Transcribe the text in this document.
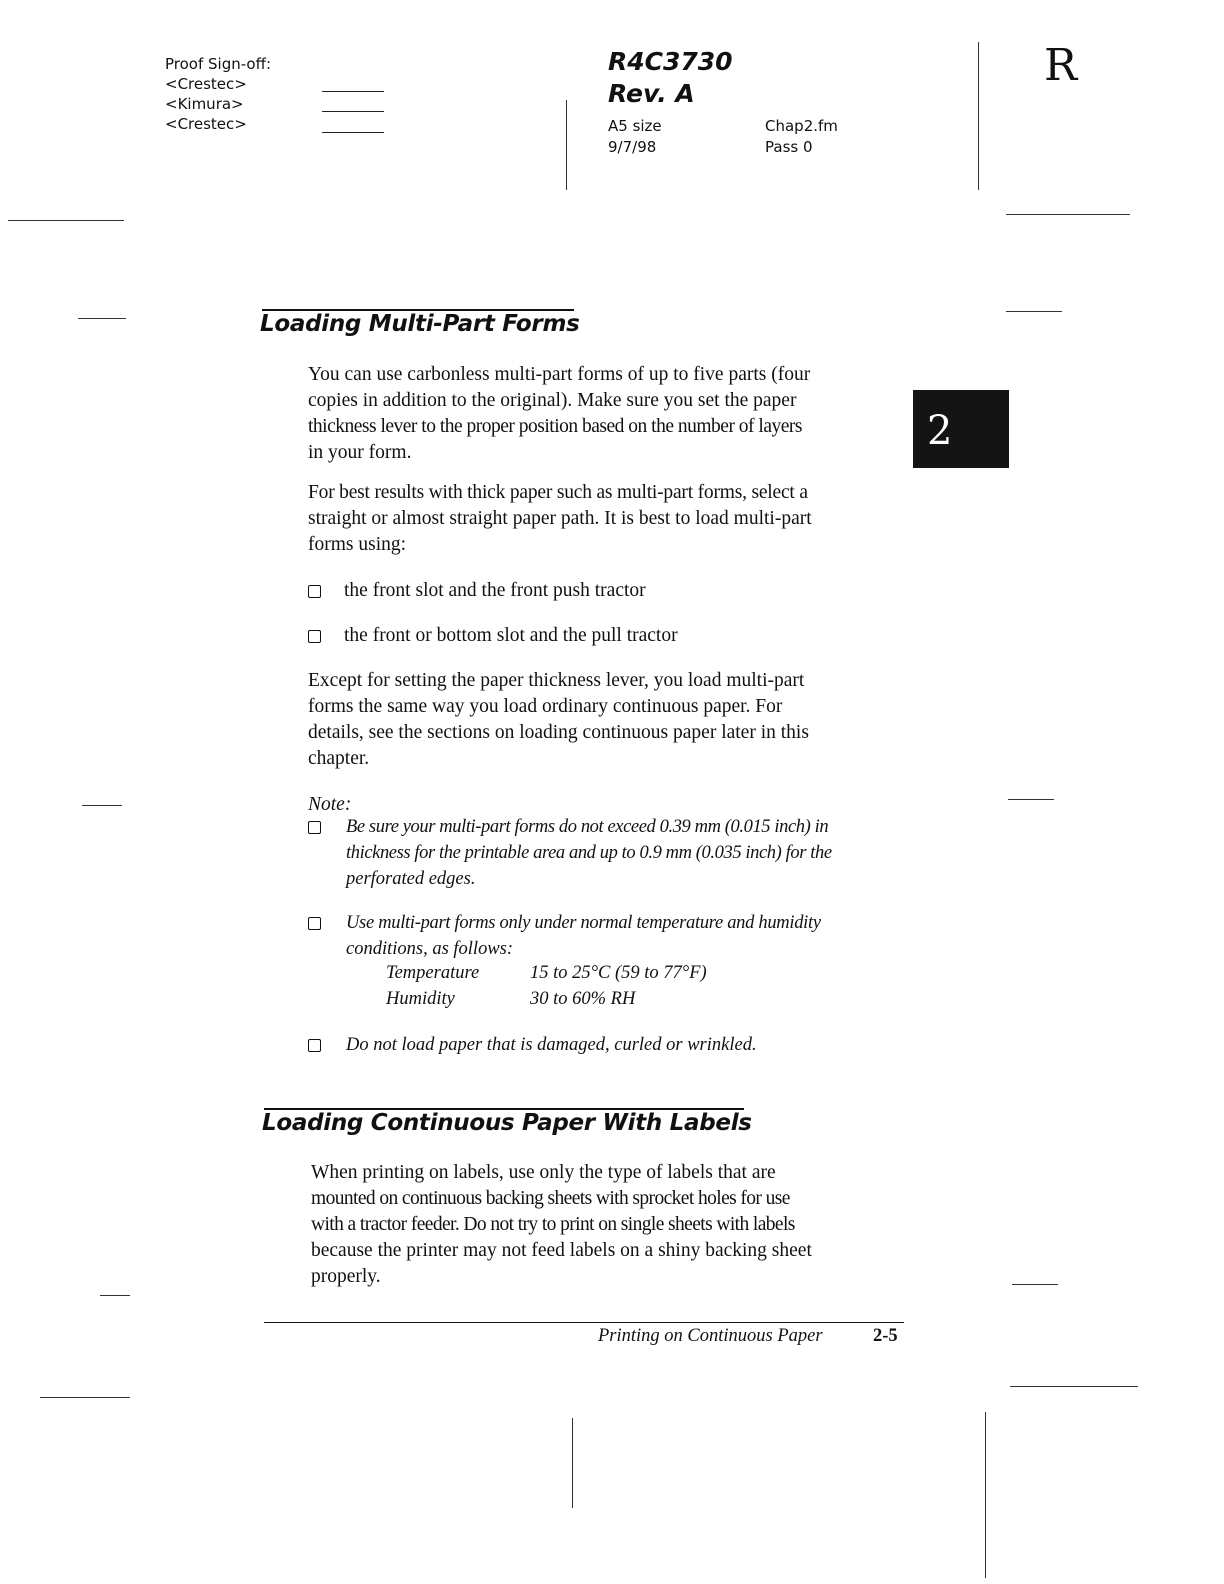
Proof Sign-off:
<Crestec>
<Kimura>
<Crestec>
R4C3730
Rev. A
A5 size
9/7/98
Chap2.fm
Pass 0
R
2
Loading Multi-Part Forms

You can use carbonless multi-part forms of up to five parts (four

copies in addition to the original). Make sure you set the paper

thickness lever to the proper position based on the number of layers

in your form.

For best results with thick paper such as multi-part forms, select a

straight or almost straight paper path. It is best to load multi-part

forms using:

the front slot and the front push tractor
the front or bottom slot and the pull tractor

Except for setting the paper thickness lever, you load multi-part

forms the same way you load ordinary continuous paper. For

details, see the sections on loading continuous paper later in this

chapter.

Note:
Be sure your multi-part forms do not exceed 0.39 mm (0.015 inch) in
thickness for the printable area and up to 0.9 mm (0.035 inch) for the
perforated edges.
Use multi-part forms only under normal temperature and humidity
conditions, as follows:
Temperature	15 to 25°C (59 to 77°F)
Humidity	30 to 60% RH
Do not load paper that is damaged, curled or wrinkled.
Loading Continuous Paper With Labels

When printing on labels, use only the type of labels that are

mounted on continuous backing sheets with sprocket holes for use

with a tractor feeder. Do not try to print on single sheets with labels

because the printer may not feed labels on a shiny backing sheet

properly.

Printing on Continuous Paper	2-5
